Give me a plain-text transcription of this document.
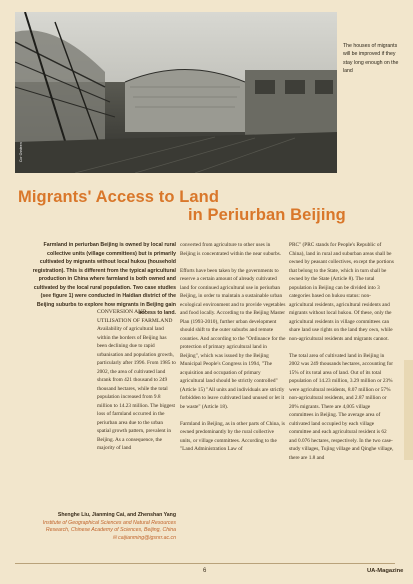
Cor Ossteen
The houses of migrants will be improved if they stay long enough on the land
Migrants' Access to Land
in Periurban Beijing
Farmland in periurban Beijing is owned by local rural collective units (village committees) but is primarily cultivated by migrants without local hukou (household registration). This is different from the typical agricultural production in China where farmland is both owned and cultivated by the local rural population. Two case studies (see figure 1) were conducted in Haidian district of the Beijing suburbs to explore how migrants in Beijing gain access to land.
CONVERSION AND UTILISATION OF FARMLAND

Availability of agricultural land within the borders of Beijing has been declining due to rapid urbanisation and population growth, particularly after 1996. From 1985 to 2002, the area of cultivated land shrank from 421 thousand to 249 thousand hectares, while the total population increased from 9.8 million to 14.23 million. The biggest loss of farmland occurred in the periurban area due to the urban spatial growth pattern, prevalent in Beijing. As a consequence, the majority of land

converted from agriculture to other uses in Beijing is concentrated within the near suburbs.

Efforts have been taken by the governments to reserve a certain amount of already cultivated land for continued agricultural use in periurban Beijing, in order to maintain a sustainable urban ecological environment and to provide vegetables and food locally. According to the Beijing Master Plan (1993-2010), further urban development should shift to the outer suburbs and remote counties. And according to the "Ordinance for the protection of primary agricultural land in Beijing", which was issued by the Beijing Municipal People's Congress in 1994, "The acquisition and occupation of primary agricultural land should be strictly controlled" (Article 15) "All units and individuals are strictly forbidden to leave cultivated land unused or let it be waste" (Article 18).

Farmland in Beijing, as in other parts of China, is owned predominantly by the rural collective units, or village committees. According to the "Land Administration Law of

PRC" (PRC stands for People's Republic of China), land in rural and suburban areas shall be owned by peasant collectives, except the portions that belong to the State, which in turn shall be owned by the State (Article 8). The total population in Beijing can be divided into 3 categories based on hukou status: non-agricultural residents, agricultural residents and migrants without local hukou. Of these, only the agricultural residents in village committees can share land use rights on the land they own, while non-agricultural residents and migrants cannot.

The total area of cultivated land in Beijing in 2002 was 249 thousands hectares, accounting for 15% of its total area of land. Out of its total population of 14.23 million, 3.29 million or 23% were agricultural residents, 8.07 million or 57% non-agricultural residents, and 2.87 million or 20% migrants. There are 4,005 village committees in Beijing. The average area of cultivated land occupied by each village committee and each agricultural resident is 62 and 0.076 hectares, respectively. In the two case-study villages, Tujing village and Qinghe village, there are 1.8 and

Shenghe Liu, Jianming Cai, and Zhenshan Yang
Institute of Geographical Sciences and Natural Resources Research, Chinese Academy of Sciences, Beijing, China
✉ caijianming@igsnrr.ac.cn
6	UA-Magazine
